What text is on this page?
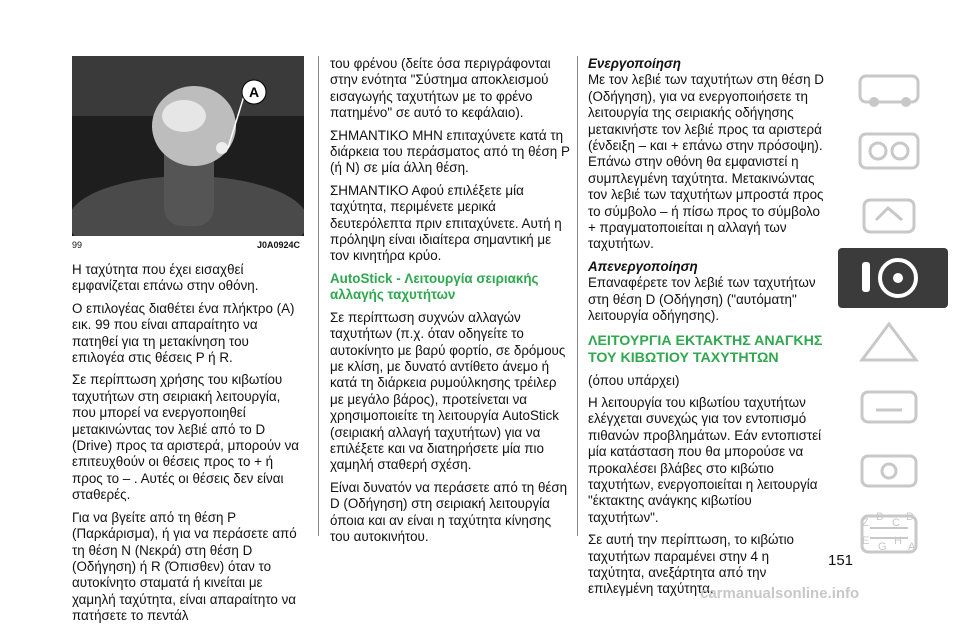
A
99	J0A0924C

Η ταχύτητα που έχει εισαχθεί εμφανίζεται επάνω στην οθόνη.

Ο επιλογέας διαθέτει ένα πλήκτρο (A) εικ. 99 που είναι απαραίτητο να πατηθεί για τη μετακίνηση του επιλογέα στις θέσεις P ή R.

Σε περίπτωση χρήσης του κιβωτίου ταχυτήτων στη σειριακή λειτουργία, που μπορεί να ενεργοποιηθεί μετακινώντας τον λεβιέ από το D (Drive) προς τα αριστερά, μπορούν να επιτευχθούν οι θέσεις προς το + ή προς το – . Αυτές οι θέσεις δεν είναι σταθερές.

Για να βγείτε από τη θέση P (Παρκάρισμα), ή για να περάσετε από τη θέση N (Νεκρά) στη θέση D (Οδήγηση) ή R (Όπισθεν) όταν το αυτοκίνητο σταματά ή κινείται με χαμηλή ταχύτητα, είναι απαραίτητο να πατήσετε το πεντάλ

του φρένου (δείτε όσα περιγράφονται στην ενότητα "Σύστημα αποκλεισμού εισαγωγής ταχυτήτων με το φρένο πατημένο" σε αυτό το κεφάλαιο).

ΣΗΜΑΝΤΙΚΟ ΜΗΝ επιταχύνετε κατά τη διάρκεια του περάσματος από τη θέση P (ή N) σε μία άλλη θέση.

ΣΗΜΑΝΤΙΚΟ Αφού επιλέξετε μία ταχύτητα, περιμένετε μερικά δευτερόλεπτα πριν επιταχύνετε. Αυτή η πρόληψη είναι ιδιαίτερα σημαντική με τον κινητήρα κρύο.

AutoStick - Λειτουργία σειριακής αλλαγής ταχυτήτων

Σε περίπτωση συχνών αλλαγών ταχυτήτων (π.χ. όταν οδηγείτε το αυτοκίνητο με βαρύ φορτίο, σε δρόμους με κλίση, με δυνατό αντίθετο άνεμο ή κατά τη διάρκεια ρυμούλκησης τρέιλερ με μεγάλο βάρος), προτείνεται να χρησιμοποιείτε τη λειτουργία AutoStick (σειριακή αλλαγή ταχυτήτων) για να επιλέξετε και να διατηρήσετε μία πιο χαμηλή σταθερή σχέση.

Είναι δυνατόν να περάσετε από τη θέση D (Οδήγηση) στη σειριακή λειτουργία όποια και αν είναι η ταχύτητα κίνησης του αυτοκινήτου.

Ενεργοποίηση

Με τον λεβιέ των ταχυτήτων στη θέση D (Οδήγηση), για να ενεργοποιήσετε τη λειτουργία της σειριακής οδήγησης μετακινήστε τον λεβιέ προς τα αριστερά (ένδειξη – και + επάνω στην πρόσοψη). Επάνω στην οθόνη θα εμφανιστεί η συμπλεγμένη ταχύτητα. Μετακινώντας τον λεβιέ των ταχυτήτων μπροστά προς το σύμβολο – ή πίσω προς το σύμβολο + πραγματοποιείται η αλλαγή των ταχυτήτων.

Απενεργοποίηση

Επαναφέρετε τον λεβιέ των ταχυτήτων στη θέση D (Οδήγηση) ("αυτόματη" λειτουργία οδήγησης).

ΛΕΙΤΟΥΡΓΙΑ ΕΚΤΑΚΤΗΣ ΑΝΑΓΚΗΣ ΤΟΥ ΚΙΒΩΤΙΟΥ ΤΑΧΥΤΗΤΩΝ

(όπου υπάρχει)

Η λειτουργία του κιβωτίου ταχυτήτων ελέγχεται συνεχώς για τον εντοπισμό πιθανών προβλημάτων. Εάν εντοπιστεί μία κατάσταση που θα μπορούσε να προκαλέσει βλάβες στο κιβώτιο ταχυτήτων, ενεργοποιείται η λειτουργία "έκτακτης ανάγκης κιβωτίου ταχυτήτων".

Σε αυτή την περίπτωση, το κιβώτιο ταχυτήτων παραμένει στην 4 η ταχύτητα, ανεξάρτητα από την επιλεγμένη ταχύτητα.

Z B C D
E G H A
151
carmanualsonline.info
